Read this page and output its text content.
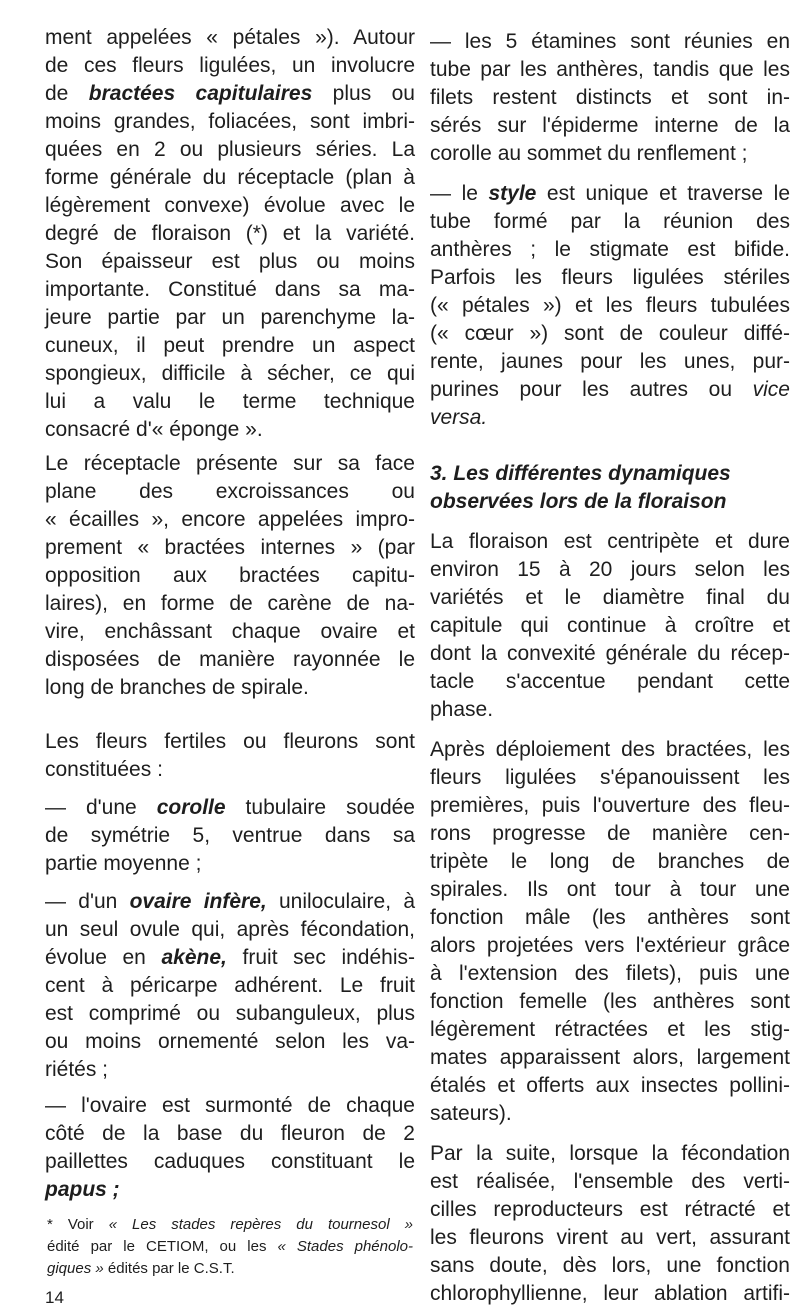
ment appelées « pétales »). Autour
de ces fleurs ligulées, un involucre
de bractées capitulaires plus ou
moins grandes, foliacées, sont imbri-
quées en 2 ou plusieurs séries. La
forme générale du réceptacle (plan à
légèrement convexe) évolue avec le
degré de floraison (*) et la variété.
Son épaisseur est plus ou moins
importante. Constitué dans sa ma-
jeure partie par un parenchyme la-
cuneux, il peut prendre un aspect
spongieux, difficile à sécher, ce qui
lui a valu le terme technique
consacré d'« éponge ».
Le réceptacle présente sur sa face
plane des excroissances ou
« écailles », encore appelées impro-
prement « bractées internes » (par
opposition aux bractées capitu-
laires), en forme de carène de na-
vire, enchâssant chaque ovaire et
disposées de manière rayonnée le
long de branches de spirale.
Les fleurs fertiles ou fleurons sont
constituées :
— d'une corolle tubulaire soudée
de symétrie 5, ventrue dans sa
partie moyenne ;
— d'un ovaire infère, uniloculaire, à
un seul ovule qui, après fécondation,
évolue en akène, fruit sec indéhis-
cent à péricarpe adhérent. Le fruit
est comprimé ou subanguleux, plus
ou moins ornementé selon les va-
riétés ;
— l'ovaire est surmonté de chaque
côté de la base du fleuron de 2
paillettes caduques constituant le
papus ;
— les 5 étamines sont réunies en
tube par les anthères, tandis que les
filets restent distincts et sont in-
sérés sur l'épiderme interne de la
corolle au sommet du renflement ;
— le style est unique et traverse le
tube formé par la réunion des
anthères ; le stigmate est bifide.
Parfois les fleurs ligulées stériles
(« pétales ») et les fleurs tubulées
(« cœur ») sont de couleur diffé-
rente, jaunes pour les unes, pur-
purines pour les autres ou vice
versa.
3. Les différentes dynamiques
observées lors de la floraison
La floraison est centripète et dure
environ 15 à 20 jours selon les
variétés et le diamètre final du
capitule qui continue à croître et
dont la convexité générale du récep-
tacle s'accentue pendant cette
phase.
Après déploiement des bractées, les
fleurs ligulées s'épanouissent les
premières, puis l'ouverture des fleu-
rons progresse de manière cen-
tripète le long de branches de
spirales. Ils ont tour à tour une
fonction mâle (les anthères sont
alors projetées vers l'extérieur grâce
à l'extension des filets), puis une
fonction femelle (les anthères sont
légèrement rétractées et les stig-
mates apparaissent alors, largement
étalés et offerts aux insectes pollini-
sateurs).
Par la suite, lorsque la fécondation
est réalisée, l'ensemble des verti-
cilles reproducteurs est rétracté et
les fleurons virent au vert, assurant
sans doute, dès lors, une fonction
chlorophyllienne, leur ablation artifi-
* Voir « Les stades repères du tournesol »
édité par le CETIOM, ou les « Stades phénolo-
giques » édités par le C.S.T.
14
